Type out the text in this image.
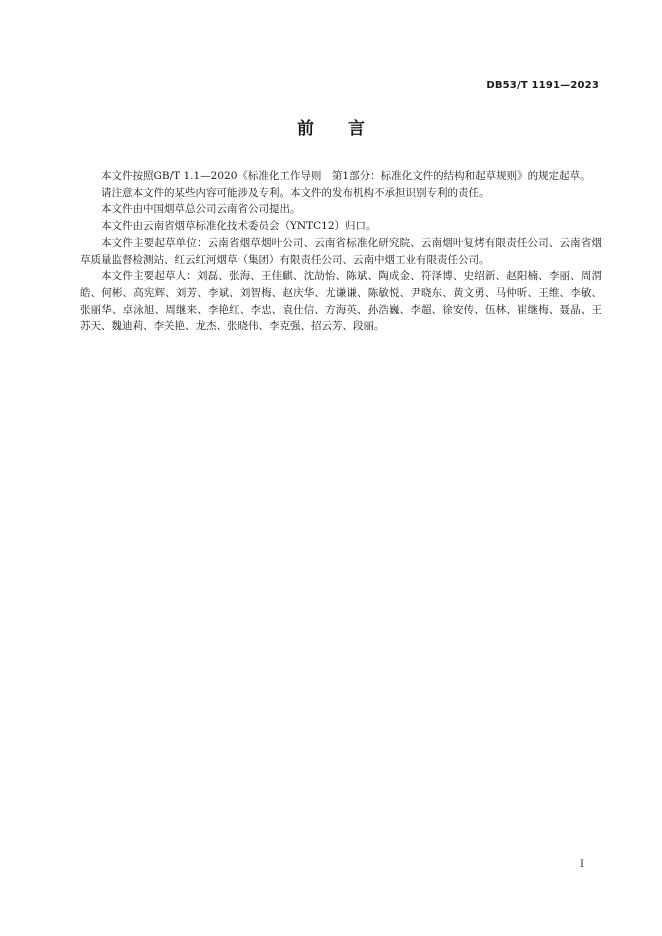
DB53/T 1191—2023
前 言

本文件按照GB/T 1.1—2020《标准化工作导则　第1部分：标准化文件的结构和起草规则》的规定起草。

请注意本文件的某些内容可能涉及专利。本文件的发布机构不承担识别专利的责任。

本文件由中国烟草总公司云南省公司提出。

本文件由云南省烟草标准化技术委员会（YNTC12）归口。

本文件主要起草单位：云南省烟草烟叶公司、云南省标准化研究院、云南烟叶复烤有限责任公司、云南省烟草质量监督检测站、红云红河烟草（集团）有限责任公司、云南中烟工业有限责任公司。

本文件主要起草人：刘磊、张海、王佳麒、沈劼怡、陈斌、陶成金、符泽博、史绍新、赵阳楠、李丽、周渭皓、何彬、高宪辉、刘芳、李斌、刘智梅、赵庆华、尤谦谦、陈敏悦、尹晓东、黄文勇、马仲昕、王维、李敏、张丽华、卓泳旭、周继来、李艳红、李忠、袁仕信、方海英、孙浩巍、李超、徐安传、伍林、崔继梅、聂晶、王苏天、魏迪莉、李关艳、龙杰、张晓伟、李克强、招云芳、段丽。

I
